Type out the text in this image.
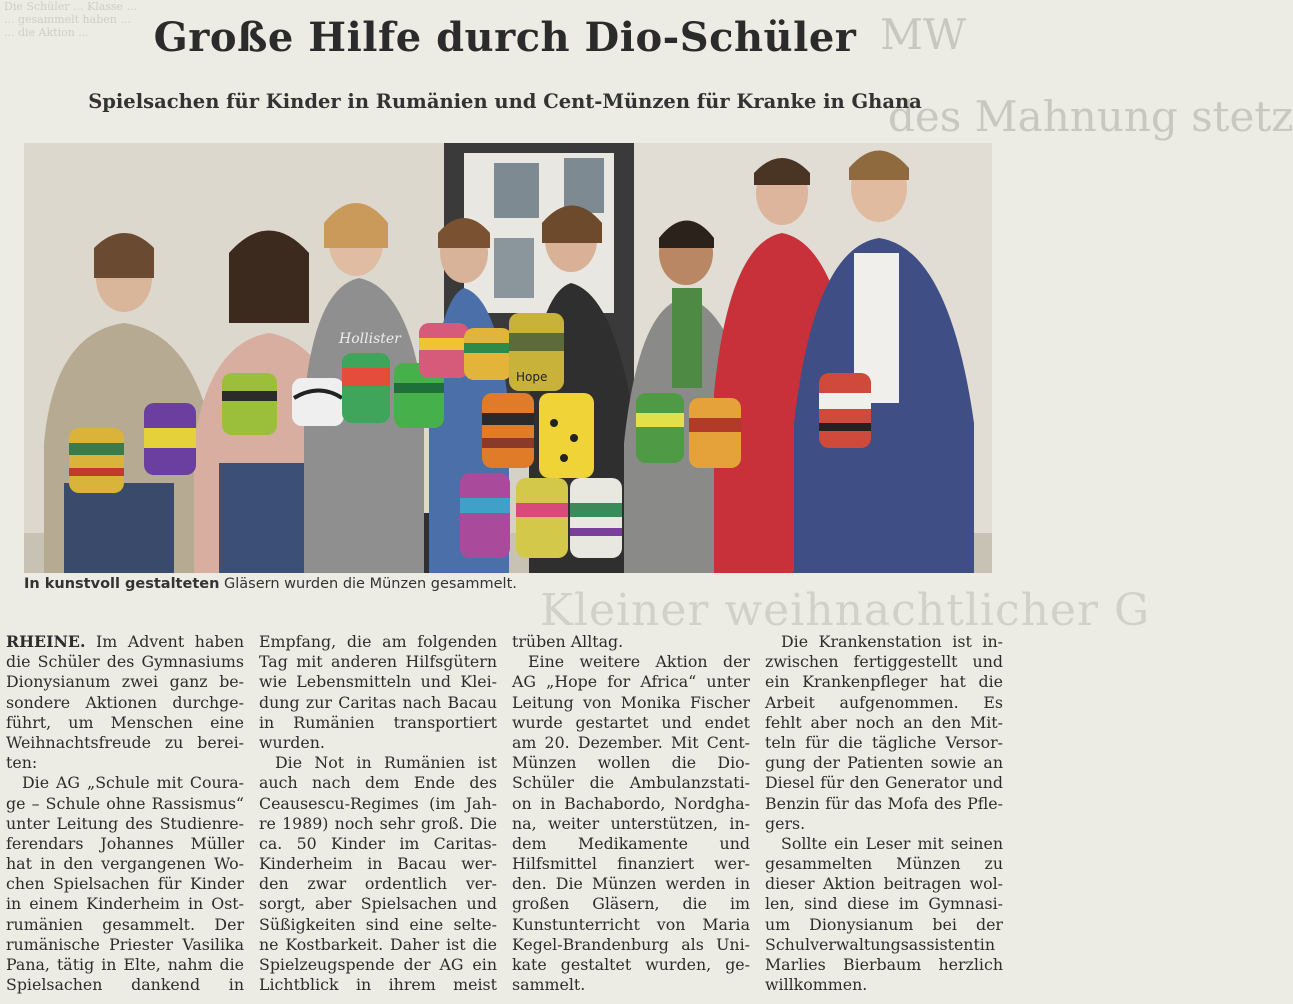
Die Schüler ... Klasse ...
... gesammelt haben ...
... die Aktion ...	MW
des Mahnung stetz
Kleiner weihnachtlicher G
Große Hilfe durch Dio-Schüler
Spielsachen für Kinder in Rumänien und Cent-Münzen für Kranke in Ghana
Hollister
Hope
In kunstvoll gestalteten Gläsern wurden die Münzen gesammelt.
RHEINE. Im Advent haben
die Schüler des Gymnasiums
Dionysianum zwei ganz be-
sondere Aktionen durchge-
führt, um Menschen eine
Weihnachtsfreude zu berei-
ten:
Die AG „Schule mit Coura-
ge – Schule ohne Rassismus“
unter Leitung des Studienre-
ferendars Johannes Müller
hat in den vergangenen Wo-
chen Spielsachen für Kinder
in einem Kinderheim in Ost-
rumänien gesammelt. Der
rumänische Priester Vasilika
Pana, tätig in Elte, nahm die
Spielsachen dankend in
Empfang, die am folgenden
Tag mit anderen Hilfsgütern
wie Lebensmitteln und Klei-
dung zur Caritas nach Bacau
in Rumänien transportiert
wurden.
Die Not in Rumänien ist
auch nach dem Ende des
Ceausescu-Regimes (im Jah-
re 1989) noch sehr groß. Die
ca. 50 Kinder im Caritas-
Kinderheim in Bacau wer-
den zwar ordentlich ver-
sorgt, aber Spielsachen und
Süßigkeiten sind eine selte-
ne Kostbarkeit. Daher ist die
Spielzeugspende der AG ein
Lichtblick in ihrem meist
trüben Alltag.
Eine weitere Aktion der
AG „Hope for Africa“ unter
Leitung von Monika Fischer
wurde gestartet und endet
am 20. Dezember. Mit Cent-
Münzen wollen die Dio-
Schüler die Ambulanzstati-
on in Bachabordo, Nordgha-
na, weiter unterstützen, in-
dem Medikamente und
Hilfsmittel finanziert wer-
den. Die Münzen werden in
großen Gläsern, die im
Kunstunterricht von Maria
Kegel-Brandenburg als Uni-
kate gestaltet wurden, ge-
sammelt.
Die Krankenstation ist in-
zwischen fertiggestellt und
ein Krankenpfleger hat die
Arbeit aufgenommen. Es
fehlt aber noch an den Mit-
teln für die tägliche Versor-
gung der Patienten sowie an
Diesel für den Generator und
Benzin für das Mofa des Pfle-
gers.
Sollte ein Leser mit seinen
gesammelten Münzen zu
dieser Aktion beitragen wol-
len, sind diese im Gymnasi-
um Dionysianum bei der
Schulverwaltungsassistentin
Marlies Bierbaum herzlich
willkommen.
